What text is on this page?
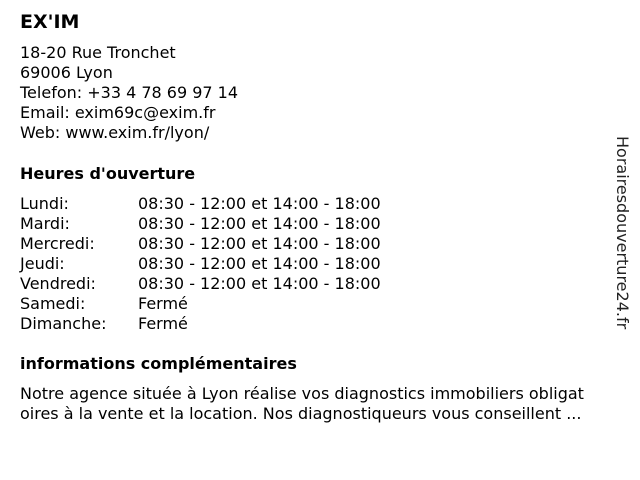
EX'IM
18-20 Rue Tronchet
69006 Lyon
Telefon: +33 4 78 69 97 14
Email: exim69c@exim.fr
Web: www.exim.fr/lyon/
Heures d'ouverture
Lundi:	08:30 - 12:00 et 14:00 - 18:00
Mardi:	08:30 - 12:00 et 14:00 - 18:00
Mercredi:	08:30 - 12:00 et 14:00 - 18:00
Jeudi:	08:30 - 12:00 et 14:00 - 18:00
Vendredi:	08:30 - 12:00 et 14:00 - 18:00
Samedi:	Fermé
Dimanche:	Fermé
informations complémentaires
Notre agence située à Lyon réalise vos diagnostics immobiliers obligat
oires à la vente et la location. Nos diagnostiqueurs vous conseillent ...
Horairesdouverture24.fr
